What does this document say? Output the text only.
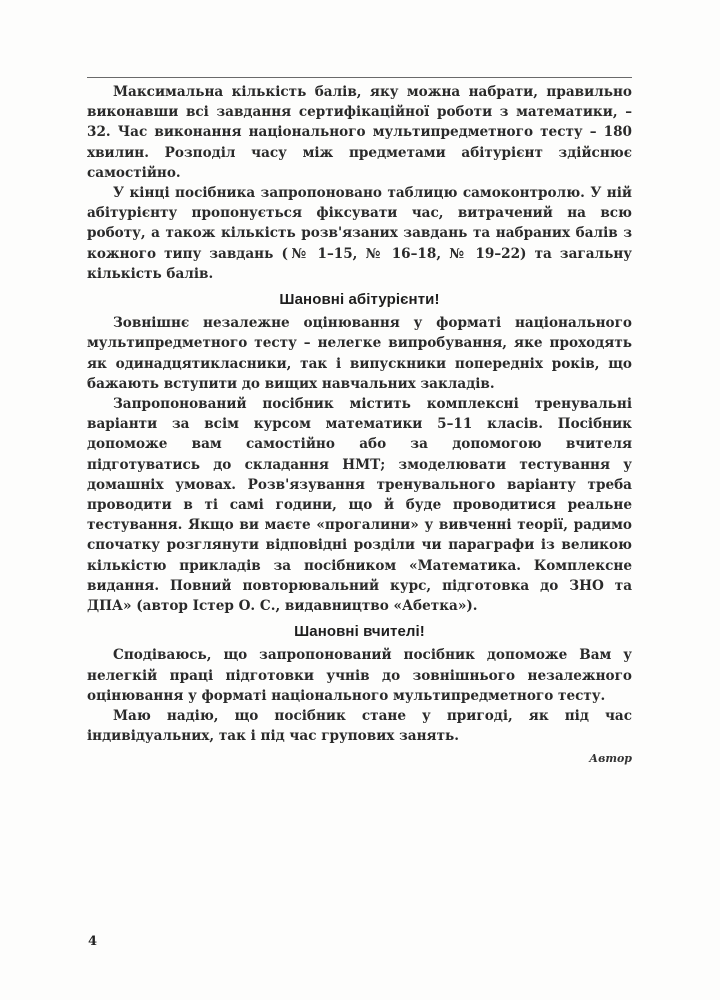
Максимальна кількість балів, яку можна набрати, правильно виконавши всі завдання сертифікаційної роботи з математики, – 32. Час виконання національного мультипредметного тесту – 180 хвилин. Розподіл часу між предметами абітурієнт здійснює самостійно.

У кінці посібника запропоновано таблицю самоконтролю. У ній абітурієнту пропонується фіксувати час, витрачений на всю роботу, а також кількість розв'язаних завдань та набраних балів з кожного типу завдань (№ 1–15, № 16–18, № 19–22) та загальну кількість балів.

Шановні абітурієнти!

Зовнішнє незалежне оцінювання у форматі національного мультипредметного тесту – нелегке випробування, яке проходять як одинадцятикласники, так і випускники попередніх років, що бажають вступити до вищих навчальних закладів.

Запропонований посібник містить комплексні тренувальні варіанти за всім курсом математики 5–11 класів. Посібник допоможе вам самостійно або за допомогою вчителя підготуватись до складання НМТ; змоделювати тестування у домашніх умовах. Розв'язування тренувального варіанту треба проводити в ті самі години, що й буде проводитися реальне тестування. Якщо ви маєте «прогалини» у вивченні теорії, радимо спочатку розглянути відповідні розділи чи параграфи із великою кількістю прикладів за посібником «Математика. Комплексне видання. Повний повторювальний курс, підготовка до ЗНО та ДПА» (автор Істер О. С., видавництво «Абетка»).

Шановні вчителі!

Сподіваюсь, що запропонований посібник допоможе Вам у нелегкій праці підготовки учнів до зовнішнього незалежного оцінювання у форматі національного мультипредметного тесту.

Маю надію, що посібник стане у пригоді, як під час індивідуальних, так і під час групових занять.

Автор
4
